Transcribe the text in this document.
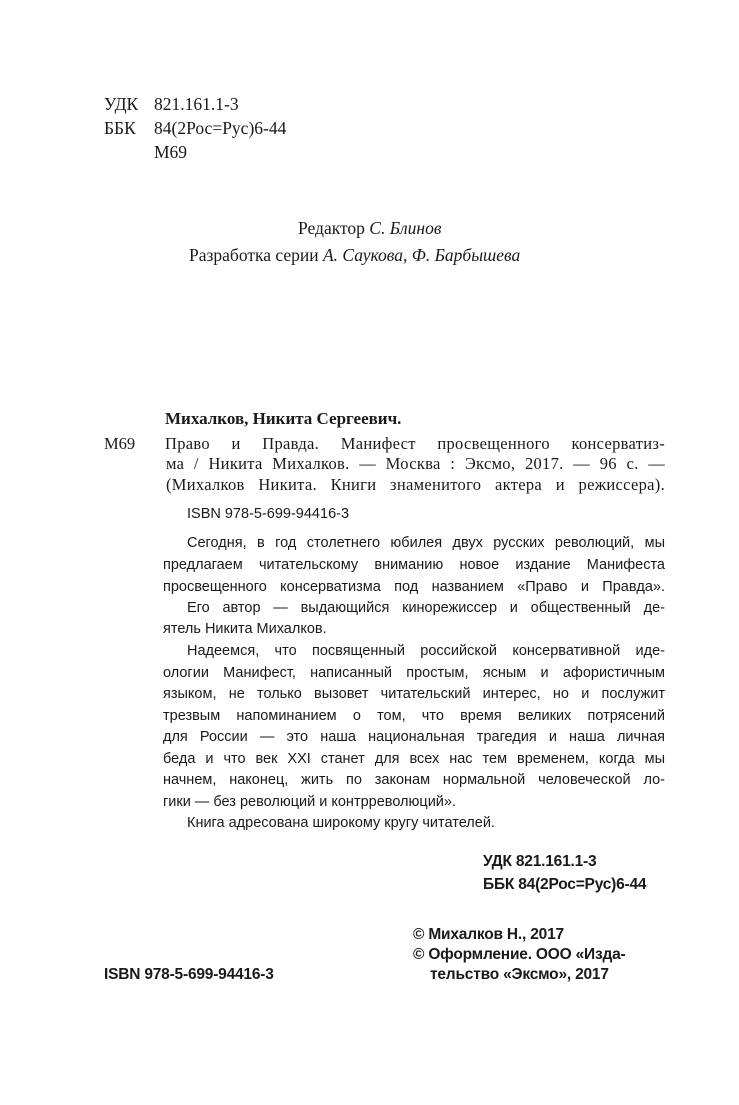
УДК 821.161.1-3
ББК 84(2Рос=Рус)6-44
М69
Редактор С. Блинов
Разработка серии А. Саукова, Ф. Барбышева
Михалков, Никита Сергеевич.
М69 Право и Правда. Манифест просвещенного консерватиз-
ма / Никита Михалков. — Москва : Эксмо, 2017. — 96 с. —
(Михалков Никита. Книги знаменитого актера и режиссера).
ISBN 978-5-699-94416-3
Сегодня, в год столетнего юбилея двух русских революций, мы
предлагаем читательскому вниманию новое издание Манифеста
просвещенного консерватизма под названием «Право и Правда».
Его автор — выдающийся кинорежиссер и общественный де-
ятель Никита Михалков.
Надеемся, что посвященный российской консервативной иде-
ологии Манифест, написанный простым, ясным и афористичным
языком, не только вызовет читательский интерес, но и послужит
трезвым напоминанием о том, что время великих потрясений
для России — это наша национальная трагедия и наша личная
беда и что век XXI станет для всех нас тем временем, когда мы
начнем, наконец, жить по законам нормальной человеческой ло-
гики — без революций и контрреволюций».
Книга адресована широкому кругу читателей.
УДК 821.161.1-3
ББК 84(2Рос=Рус)6-44
© Михалков Н., 2017
© Оформление. ООО «Изда-
тельство «Эксмо», 2017
ISBN 978-5-699-94416-3
